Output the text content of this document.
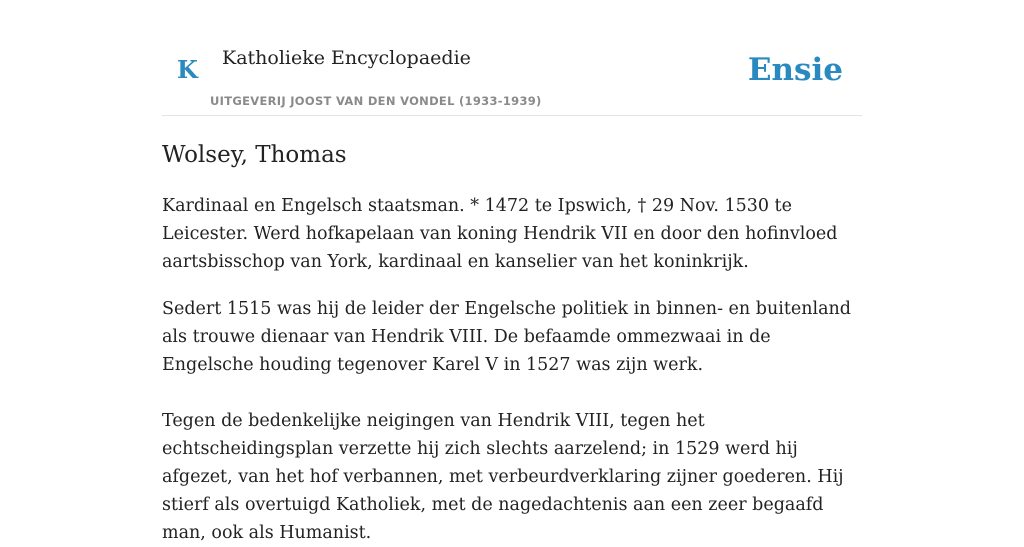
K Katholieke Encyclopaedie
UITGEVERIJ JOOST VAN DEN VONDEL (1933-1939)
Ensie
Wolsey, Thomas

Kardinaal en Engelsch staatsman. * 1472 te Ipswich, † 29 Nov. 1530 te Leicester. Werd hofkapelaan van koning Hendrik VII en door den hofinvloed aartsbisschop van York, kardinaal en kanselier van het koninkrijk.

Sedert 1515 was hij de leider der Engelsche politiek in binnen- en buitenland als trouwe dienaar van Hendrik VIII. De befaamde ommezwaai in de Engelsche houding tegenover Karel V in 1527 was zijn werk.

Tegen de bedenkelijke neigingen van Hendrik VIII, tegen het echtscheidingsplan verzette hij zich slechts aarzelend; in 1529 werd hij afgezet, van het hof verbannen, met verbeurdverklaring zijner goederen. Hij stierf als overtuigd Katholiek, met de nagedachtenis aan een zeer begaafd man, ook als Humanist.
